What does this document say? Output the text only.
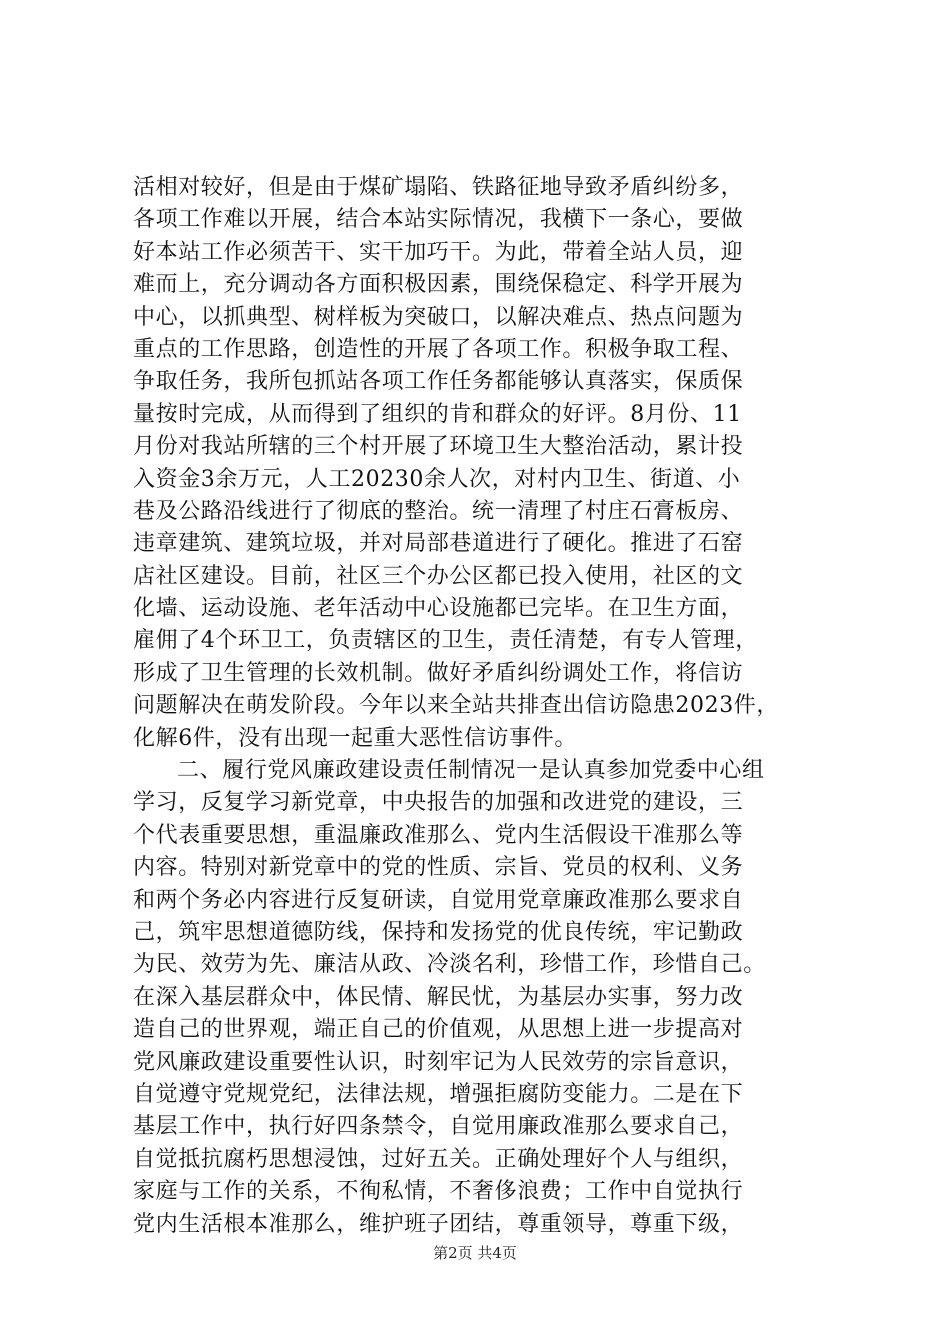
活相对较好，但是由于煤矿塌陷、铁路征地导致矛盾纠纷多，
各项工作难以开展，结合本站实际情况，我横下一条心，要做
好本站工作必须苦干、实干加巧干。为此，带着全站人员，迎
难而上，充分调动各方面积极因素，围绕保稳定、科学开展为
中心，以抓典型、树样板为突破口，以解决难点、热点问题为
重点的工作思路，创造性的开展了各项工作。积极争取工程、
争取任务，我所包抓站各项工作任务都能够认真落实，保质保
量按时完成，从而得到了组织的肯和群众的好评。8月份、11
月份对我站所辖的三个村开展了环境卫生大整治活动，累计投
入资金3余万元，人工20230余人次，对村内卫生、街道、小
巷及公路沿线进行了彻底的整治。统一清理了村庄石膏板房、
违章建筑、建筑垃圾，并对局部巷道进行了硬化。推进了石窑
店社区建设。目前，社区三个办公区都已投入使用，社区的文
化墙、运动设施、老年活动中心设施都已完毕。在卫生方面，
雇佣了4个环卫工，负责辖区的卫生，责任清楚，有专人管理，
形成了卫生管理的长效机制。做好矛盾纠纷调处工作，将信访
问题解决在萌发阶段。今年以来全站共排查出信访隐患2023件，
化解6件，没有出现一起重大恶性信访事件。
二、履行党风廉政建设责任制情况一是认真参加党委中心组
学习，反复学习新党章，中央报告的加强和改进党的建设，三
个代表重要思想，重温廉政准那么、党内生活假设干准那么等
内容。特别对新党章中的党的性质、宗旨、党员的权利、义务
和两个务必内容进行反复研读，自觉用党章廉政准那么要求自
己，筑牢思想道德防线，保持和发扬党的优良传统，牢记勤政
为民、效劳为先、廉洁从政、冷淡名利，珍惜工作，珍惜自己。
在深入基层群众中，体民情、解民忧，为基层办实事，努力改
造自己的世界观，端正自己的价值观，从思想上进一步提高对
党风廉政建设重要性认识，时刻牢记为人民效劳的宗旨意识，
自觉遵守党规党纪，法律法规，增强拒腐防变能力。二是在下
基层工作中，执行好四条禁令，自觉用廉政准那么要求自己，
自觉抵抗腐朽思想浸蚀，过好五关。正确处理好个人与组织，
家庭与工作的关系，不徇私情，不奢侈浪费；工作中自觉执行
党内生活根本准那么，维护班子团结，尊重领导，尊重下级，
第2页 共4页
